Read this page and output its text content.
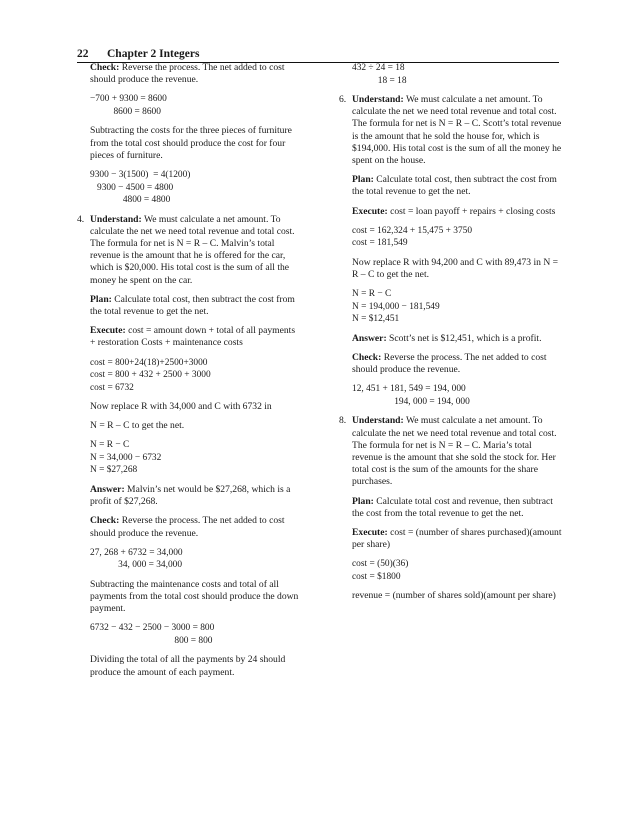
22 Chapter 2 Integers

Check: Reverse the process. The net added to cost should produce the revenue.

−700 + 9300 = 8600
8600 = 8600

Subtracting the costs for the three pieces of furniture from the total cost should produce the cost for four pieces of furniture.

9300 − 3(1500)  = 4(1200)
9300 − 4500 = 4800
4800 = 4800
4. Understand: We must calculate a net amount. To calculate the net we need total revenue and total cost. The formula for net is N = R – C. Malvin’s total revenue is the amount that he is offered for the car, which is $20,000. His total cost is the sum of all the money he spent on the car.

Plan: Calculate total cost, then subtract the cost from the total revenue to get the net.

Execute: cost = amount down + total of all payments + restoration Costs + maintenance costs

cost = 800+24(18)+2500+3000
cost = 800 + 432 + 2500 + 3000
cost = 6732

Now replace R with 34,000 and C with 6732 in

N = R – C to get the net.

N = R − C
N = 34,000 − 6732
N = $27,268

Answer: Malvin’s net would be $27,268, which is a profit of $27,268.

Check: Reverse the process. The net added to cost should produce the revenue.

27, 268 + 6732 = 34,000
34, 000 = 34,000

Subtracting the maintenance costs and total of all payments from the total cost should produce the down payment.

6732 − 432 − 2500 − 3000 = 800
800 = 800

Dividing the total of all the payments by 24 should produce the amount of each payment.

432 ÷ 24 = 18
18 = 18
6. Understand: We must calculate a net amount. To calculate the net we need total revenue and total cost. The formula for net is N = R – C. Scott’s total revenue is the amount that he sold the house for, which is $194,000. His total cost is the sum of all the money he spent on the house.

Plan: Calculate total cost, then subtract the cost from the total revenue to get the net.

Execute: cost = loan payoff + repairs + closing costs

cost = 162,324 + 15,475 + 3750
cost = 181,549

Now replace R with 94,200 and C with 89,473 in N = R – C to get the net.

N = R − C
N = 194,000 − 181,549
N = $12,451

Answer: Scott’s net is $12,451, which is a profit.

Check: Reverse the process. The net added to cost should produce the revenue.

12, 451 + 181, 549 = 194, 000
194, 000 = 194, 000
8. Understand: We must calculate a net amount. To calculate the net we need total revenue and total cost. The formula for net is N = R – C. Maria’s total revenue is the amount that she sold the stock for. Her total cost is the sum of the amounts for the share purchases.

Plan: Calculate total cost and revenue, then subtract the cost from the total revenue to get the net.

Execute: cost = (number of shares purchased)(amount per share)

cost = (50)(36)
cost = $1800

revenue = (number of shares sold)(amount per share)
